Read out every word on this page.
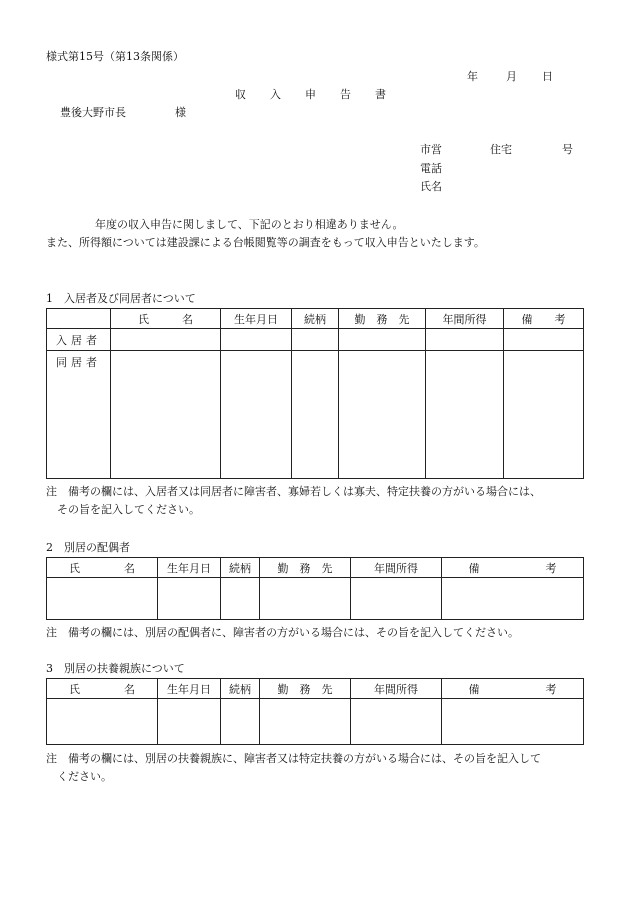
様式第15号（第13条関係）
年	月 日
収 入 申 告 書
豊後大野市長	様
市営	住宅	号
電話
氏名
年度の収入申告に関しまして、下記のとおり相違ありません。
また、所得額については建設課による台帳閲覧等の調査をもって収入申告といたします。
1　入居者及び同居者について
	氏　　　名	生年月日	続柄	勤　務　先	年間所得	備　　考
入居者						
同居者						
注　備考の欄には、入居者又は同居者に障害者、寡婦若しくは寡夫、特定扶養の方がいる場合には、
　その旨を記入してください。
2　別居の配偶者
氏　　　　名	生年月日	続柄	勤　務　先	年間所得	備　　　　　　考

注　備考の欄には、別居の配偶者に、障害者の方がいる場合には、その旨を記入してください。
3　別居の扶養親族について
氏　　　　名	生年月日	続柄	勤　務　先	年間所得	備　　　　　　考

注　備考の欄には、別居の扶養親族に、障害者又は特定扶養の方がいる場合には、その旨を記入して
　ください。
